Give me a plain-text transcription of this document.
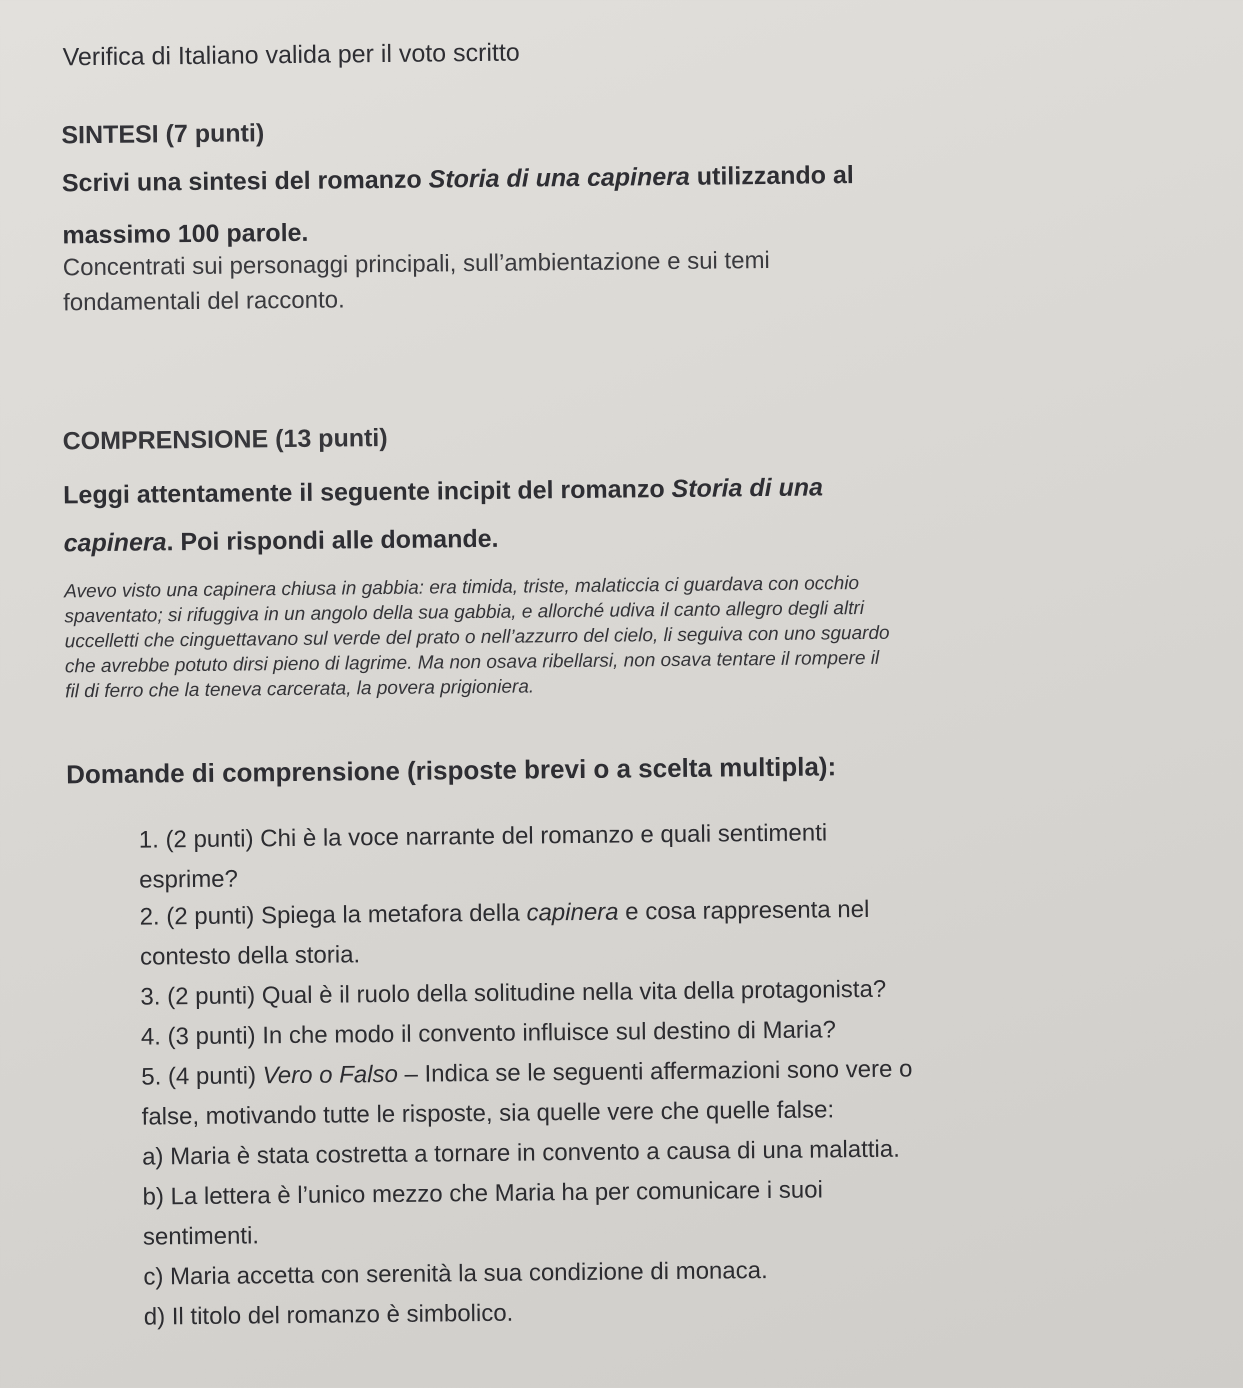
Verifica di Italiano valida per il voto scritto

SINTESI (7 punti)

Scrivi una sintesi del romanzo Storia di una capinera utilizzando al

massimo 100 parole.

Concentrati sui personaggi principali, sull’ambientazione e sui temi

fondamentali del racconto.

COMPRENSIONE (13 punti)

Leggi attentamente il seguente incipit del romanzo Storia di una

capinera. Poi rispondi alle domande.

Avevo visto una capinera chiusa in gabbia: era timida, triste, malaticcia ci guardava con occhio

spaventato; si rifuggiva in un angolo della sua gabbia, e allorché udiva il canto allegro degli altri

uccelletti che cinguettavano sul verde del prato o nell’azzurro del cielo, li seguiva con uno sguardo

che avrebbe potuto dirsi pieno di lagrime. Ma non osava ribellarsi, non osava tentare il rompere il

fil di ferro che la teneva carcerata, la povera prigioniera.

Domande di comprensione (risposte brevi o a scelta multipla):

1. (2 punti) Chi è la voce narrante del romanzo e quali sentimenti

esprime?

2. (2 punti) Spiega la metafora della capinera e cosa rappresenta nel

contesto della storia.

3. (2 punti) Qual è il ruolo della solitudine nella vita della protagonista?

4. (3 punti) In che modo il convento influisce sul destino di Maria?

5. (4 punti) Vero o Falso – Indica se le seguenti affermazioni sono vere o

false, motivando tutte le risposte, sia quelle vere che quelle false:

a) Maria è stata costretta a tornare in convento a causa di una malattia.

b) La lettera è l’unico mezzo che Maria ha per comunicare i suoi

sentimenti.

c) Maria accetta con serenità la sua condizione di monaca.

d) Il titolo del romanzo è simbolico.
